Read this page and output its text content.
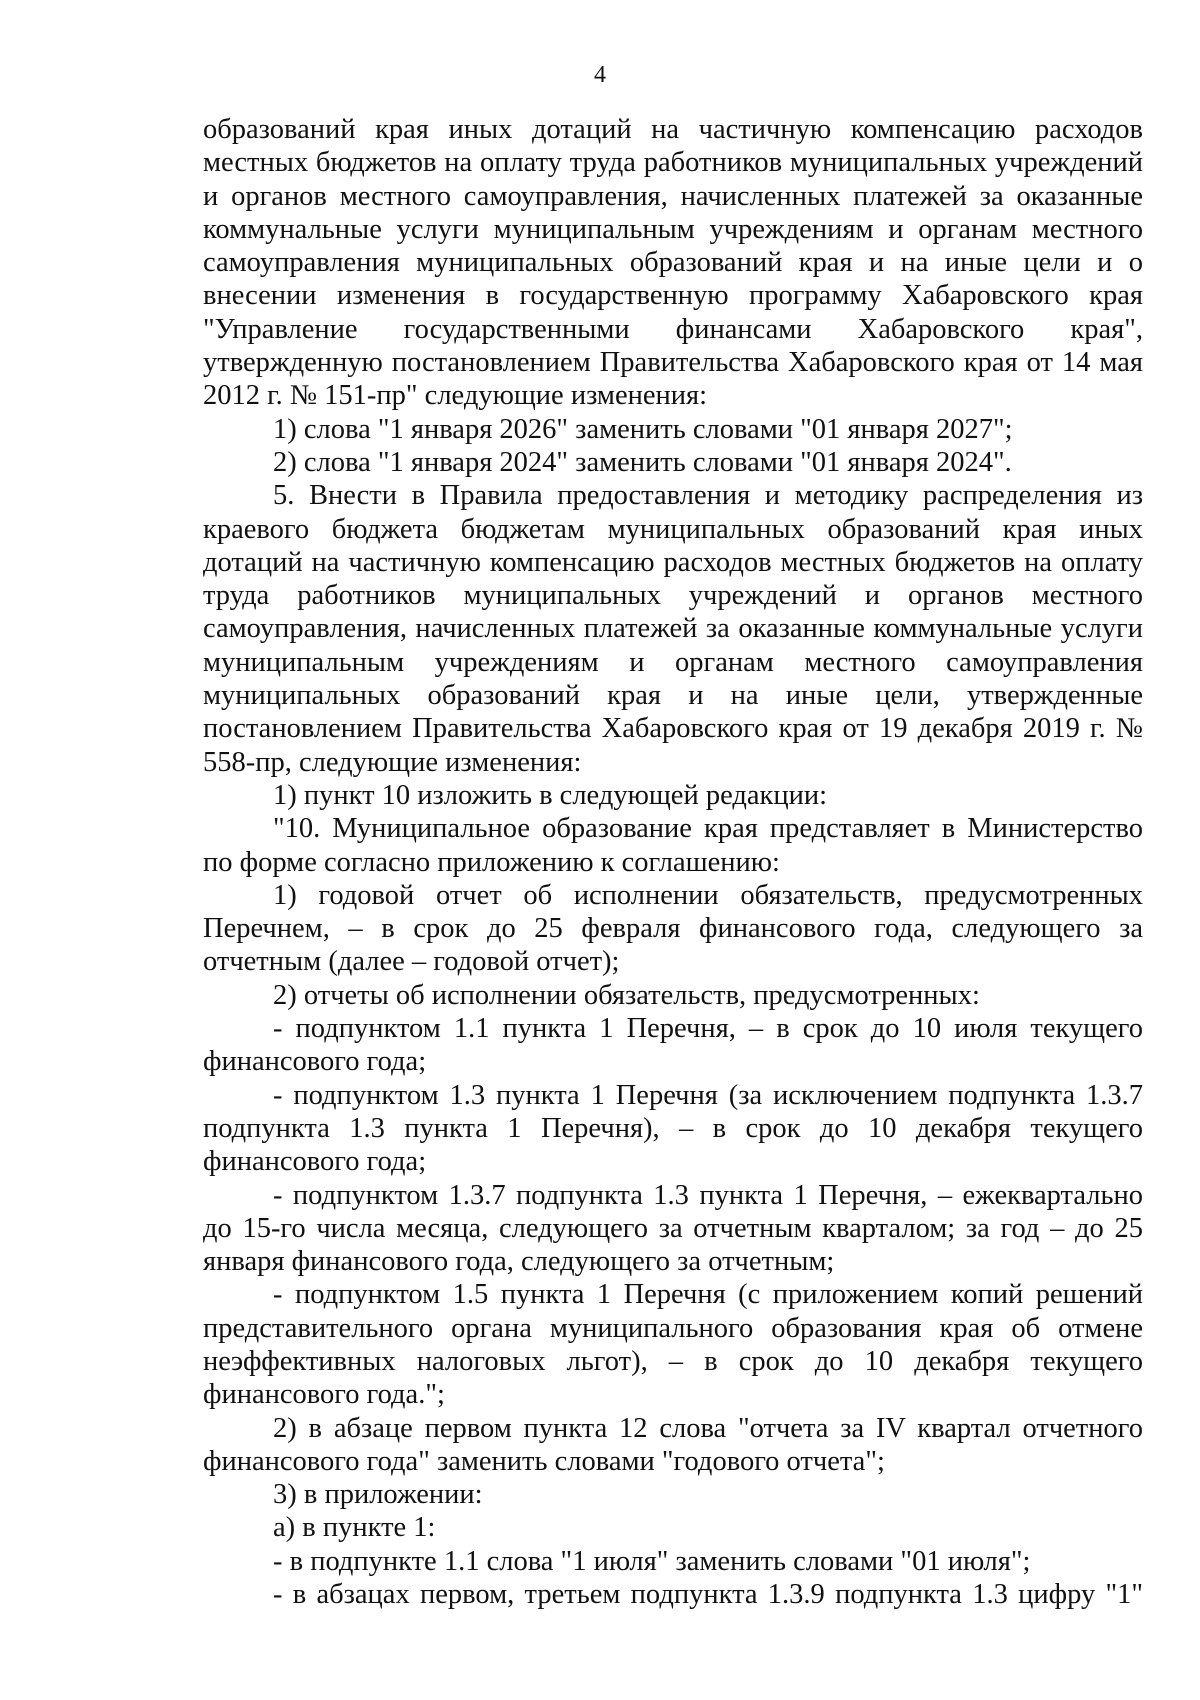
4

образований края иных дотаций на частичную компенсацию расходов местных бюджетов на оплату труда работников муниципальных учреждений и органов местного самоуправления, начисленных платежей за оказанные коммунальные услуги муниципальным учреждениям и органам местного самоуправления муниципальных образований края и на иные цели и о внесении изменения в государственную программу Хабаровского края "Управление государственными финансами Хабаровского края", утвержденную постановлением Правительства Хабаровского края от 14 мая 2012 г. № 151-пр" следующие изменения:

1) слова "1 января 2026" заменить словами "01 января 2027";

2) слова "1 января 2024" заменить словами "01 января 2024".

5. Внести в Правила предоставления и методику распределения из краевого бюджета бюджетам муниципальных образований края иных дотаций на частичную компенсацию расходов местных бюджетов на оплату труда работников муниципальных учреждений и органов местного самоуправления, начисленных платежей за оказанные коммунальные услуги муниципальным учреждениям и органам местного самоуправления муниципальных образований края и на иные цели, утвержденные постановлением Правительства Хабаровского края от 19 декабря 2019 г. № 558-пр, следующие изменения:

1) пункт 10 изложить в следующей редакции:

"10. Муниципальное образование края представляет в Министерство по форме согласно приложению к соглашению:

1) годовой отчет об исполнении обязательств, предусмотренных Перечнем, – в срок до 25 февраля финансового года, следующего за отчетным (далее – годовой отчет);

2) отчеты об исполнении обязательств, предусмотренных:

- подпунктом 1.1 пункта 1 Перечня, – в срок до 10 июля текущего финансового года;

- подпунктом 1.3 пункта 1 Перечня (за исключением подпункта 1.3.7 подпункта 1.3 пункта 1 Перечня), – в срок до 10 декабря текущего финансового года;

- подпунктом 1.3.7 подпункта 1.3 пункта 1 Перечня, – ежеквартально до 15-го числа месяца, следующего за отчетным кварталом; за год – до 25 января финансового года, следующего за отчетным;

- подпунктом 1.5 пункта 1 Перечня (с приложением копий решений представительного органа муниципального образования края об отмене неэффективных налоговых льгот), – в срок до 10 декабря текущего финансового года.";

2) в абзаце первом пункта 12 слова "отчета за IV квартал отчетного финансового года" заменить словами "годового отчета";

3) в приложении:

а) в пункте 1:

- в подпункте 1.1 слова "1 июля" заменить словами "01 июля";

- в абзацах первом, третьем подпункта 1.3.9 подпункта 1.3 цифру "1"
